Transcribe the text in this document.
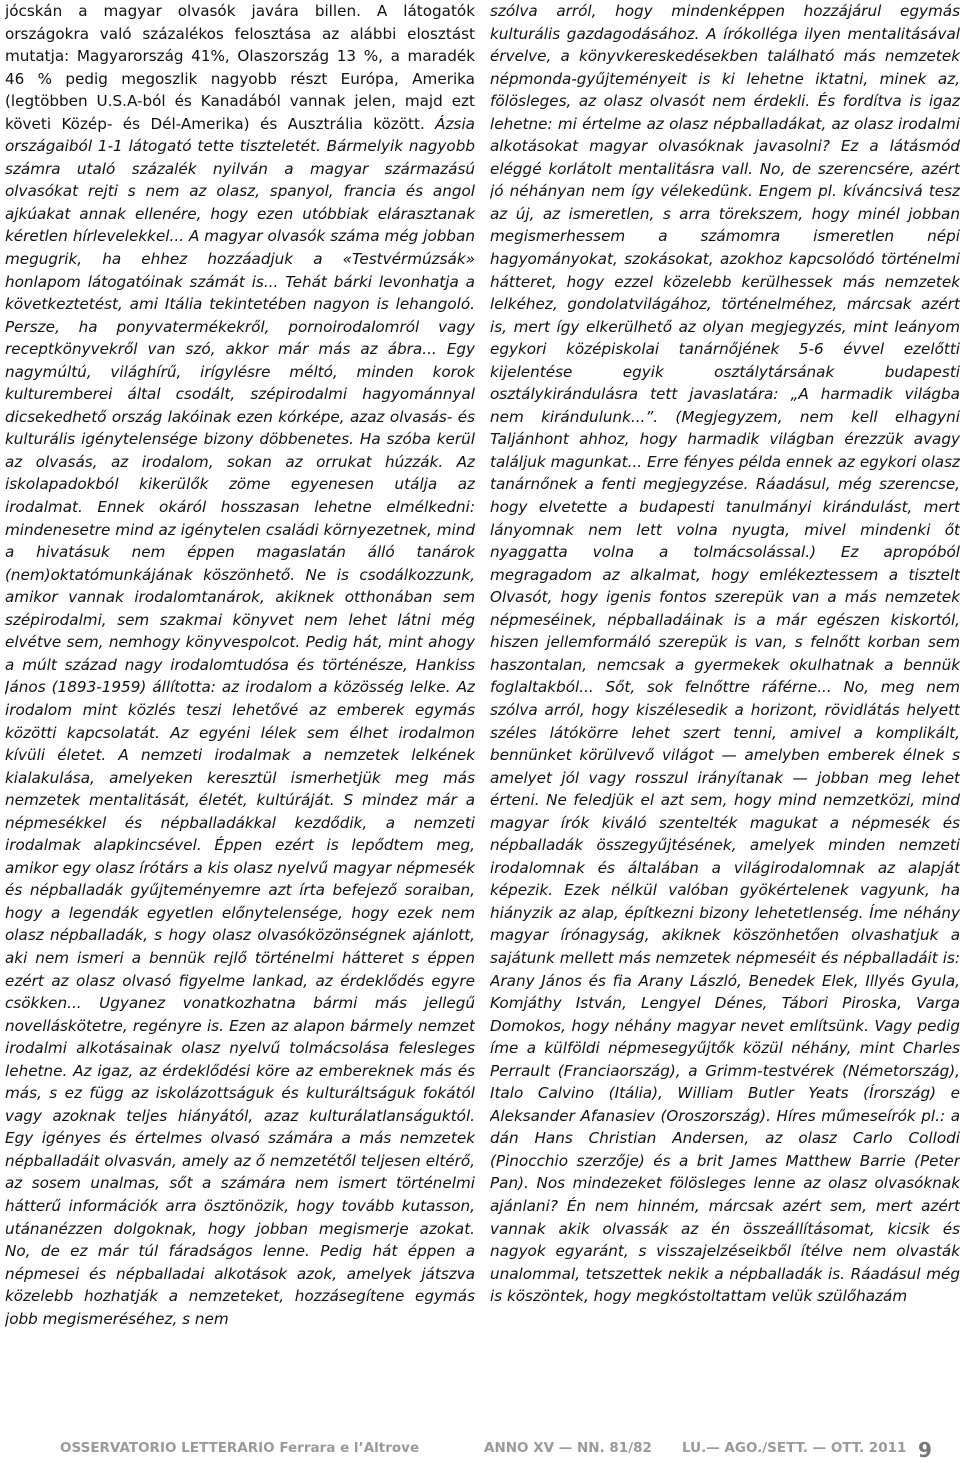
jócskán a magyar olvasók javára billen. A látogatók országokra való százalékos felosztása az alábbi elosztást mutatja: Magyarország 41%, Olaszország 13 %, a maradék 46 % pedig megoszlik nagyobb részt Európa, Amerika (legtöbben U.S.A-ból és Kanadából vannak jelen, majd ezt követi Közép- és Dél-Amerika) és Ausztrália között. Ázsia országaiból 1-1 látogató tette tiszteletét. Bármelyik nagyobb számra utaló százalék nyilván a magyar származású olvasókat rejti s nem az olasz, spanyol, francia és angol ajkúakat annak ellenére, hogy ezen utóbbiak elárasztanak kéretlen hírlevelekkel... A magyar olvasók száma még jobban megugrik, ha ehhez hozzáadjuk a «Testvérmúzsák» honlapom látogatóinak számát is... Tehát bárki levonhatja a következtetést, ami Itália tekintetében nagyon is lehangoló. Persze, ha ponyvatermékekről, pornoirodalomról vagy receptkönyvekről van szó, akkor már más az ábra... Egy nagymúltú, világhírű, irígylésre méltó, minden korok kulturemberei által csodált, szépirodalmi hagyománnyal dicsekedhető ország lakóinak ezen kórképe, azaz olvasás- és kulturális igénytelensége bizony döbbenetes. Ha szóba kerül az olvasás, az irodalom, sokan az orrukat húzzák. Az iskolapadokból kikerülők zöme egyenesen utálja az irodalmat. Ennek okáról hosszasan lehetne elmélkedni: mindenesetre mind az igénytelen családi környezetnek, mind a hivatásuk nem éppen magaslatán álló tanárok (nem)oktatómunkájának köszönhető. Ne is csodálkozzunk, amikor vannak irodalomtanárok, akiknek otthonában sem szépirodalmi, sem szakmai könyvet nem lehet látni még elvétve sem, nemhogy könyvespolcot. Pedig hát, mint ahogy a múlt század nagy irodalomtudósa és történésze, Hankiss János (1893-1959) állította: az irodalom a közösség lelke. Az irodalom mint közlés teszi lehetővé az emberek egymás közötti kapcsolatát. Az egyéni lélek sem élhet irodalmon kívüli életet. A nemzeti irodalmak a nemzetek lelkének kialakulása, amelyeken keresztül ismerhetjük meg más nemzetek mentalitását, életét, kultúráját. S mindez már a népmesékkel és népballadákkal kezdődik, a nemzeti irodalmak alapkincsével. Éppen ezért is lepődtem meg, amikor egy olasz írótárs a kis olasz nyelvű magyar népmesék és népballadák gyűjteményemre azt írta befejező soraiban, hogy a legendák egyetlen előnytelensége, hogy ezek nem olasz népballadák, s hogy olasz olvasóközönségnek ajánlott, aki nem ismeri a bennük rejlő történelmi hátteret s éppen ezért az olasz olvasó figyelme lankad, az érdeklődés egyre csökken... Ugyanez vonatkozhatna bármi más jellegű novelláskötetre, regényre is. Ezen az alapon bármely nemzet irodalmi alkotásainak olasz nyelvű tolmácsolása felesleges lehetne. Az igaz, az érdeklődési köre az embereknek más és más, s ez függ az iskolázottságuk és kulturáltságuk fokától vagy azoknak teljes hiányától, azaz kulturálatlanságuktól. Egy igényes és értelmes olvasó számára a más nemzetek népballadáit olvasván, amely az ő nemzetétől teljesen eltérő, az sosem unalmas, sőt a számára nem ismert történelmi hátterű információk arra ösztönözik, hogy tovább kutasson, utánanézzen dolgoknak, hogy jobban megismerje azokat. No, de ez már túl fáradságos lenne. Pedig hát éppen a népmesei és népballadai alkotások azok, amelyek játszva közelebb hozhatják a nemzeteket, hozzásegítene egymás jobb megismeréséhez, s nem

szólva arról, hogy mindenképpen hozzájárul egymás kulturális gazdagodásához. A írókolléga ilyen mentalitásával érvelve, a könyvkereskedésekben található más nemzetek népmonda-gyűjteményeit is ki lehetne iktatni, minek az, fölösleges, az olasz olvasót nem érdekli. És fordítva is igaz lehetne: mi értelme az olasz népballadákat, az olasz irodalmi alkotásokat magyar olvasóknak javasolni? Ez a látásmód eléggé korlátolt mentalitásra vall. No, de szerencsére, azért jó néhányan nem így vélekedünk. Engem pl. kíváncsivá tesz az új, az ismeretlen, s arra törekszem, hogy minél jobban megismerhessem a számomra ismeretlen népi hagyományokat, szokásokat, azokhoz kapcsolódó történelmi hátteret, hogy ezzel közelebb kerülhessek más nemzetek lelkéhez, gondolatvilágához, történelméhez, márcsak azért is, mert így elkerülhető az olyan megjegyzés, mint leányom egykori középiskolai tanárnőjének 5-6 évvel ezelőtti kijelentése egyik osztálytársának budapesti osztálykirándulásra tett javaslatára: „A harmadik világba nem kirándulunk...”. (Megjegyzem, nem kell elhagyni Taljánhont ahhoz, hogy harmadik világban érezzük avagy találjuk magunkat... Erre fényes példa ennek az egykori olasz tanárnőnek a fenti megjegyzése. Ráadásul, még szerencse, hogy elvetette a budapesti tanulmányi kirándulást, mert lányomnak nem lett volna nyugta, mivel mindenki őt nyaggatta volna a tolmácsolással.) Ez apropóból megragadom az alkalmat, hogy emlékeztessem a tisztelt Olvasót, hogy igenis fontos szerepük van a más nemzetek népmeséinek, népballadáinak is a már egészen kiskortól, hiszen jellemformáló szerepük is van, s felnőtt korban sem haszontalan, nemcsak a gyermekek okulhatnak a bennük foglaltakból... Sőt, sok felnőttre ráférne... No, meg nem szólva arról, hogy kiszélesedik a horizont, rövidlátás helyett széles látókörre lehet szert tenni, amivel a komplikált, bennünket körülvevő világot — amelyben emberek élnek s amelyet jól vagy rosszul irányítanak — jobban meg lehet érteni. Ne feledjük el azt sem, hogy mind nemzetközi, mind magyar írók kiváló szentelték magukat a népmesék és népballadák összegyűjtésének, amelyek minden nemzeti irodalomnak és általában a világirodalomnak az alapját képezik. Ezek nélkül valóban gyökértelenek vagyunk, ha hiányzik az alap, építkezni bizony lehetetlenség. Íme néhány magyar írónagyság, akiknek köszönhetően olvashatjuk a sajátunk mellett más nemzetek népmeséit és népballadáit is: Arany János és fia Arany László, Benedek Elek, Illyés Gyula, Komjáthy István, Lengyel Dénes, Tábori Piroska, Varga Domokos, hogy néhány magyar nevet említsünk. Vagy pedig íme a külföldi népmesegyűjtők közül néhány, mint Charles Perrault (Franciaország), a Grimm-testvérek (Németország), Italo Calvino (Itália), William Butler Yeats (Írország) e Aleksander Afanasiev (Oroszország). Híres műmeseírók pl.: a dán Hans Christian Andersen, az olasz Carlo Collodi (Pinocchio szerzője) és a brit James Matthew Barrie (Peter Pan). Nos mindezeket fölösleges lenne az olasz olvasóknak ajánlani? Én nem hinném, márcsak azért sem, mert azért vannak akik olvassák az én összeállításomat, kicsik és nagyok egyaránt, s visszajelzéseikből ítélve nem olvasták unalommal, tetszettek nekik a népballadák is. Ráadásul még is köszöntek, hogy megkóstoltattam velük szülőhazám

OSSERVATORIO LETTERARIO Ferrara e l’Altrove	ANNO XV — NN. 81/82 LU.— AGO./SETT. — OTT. 2011 9
